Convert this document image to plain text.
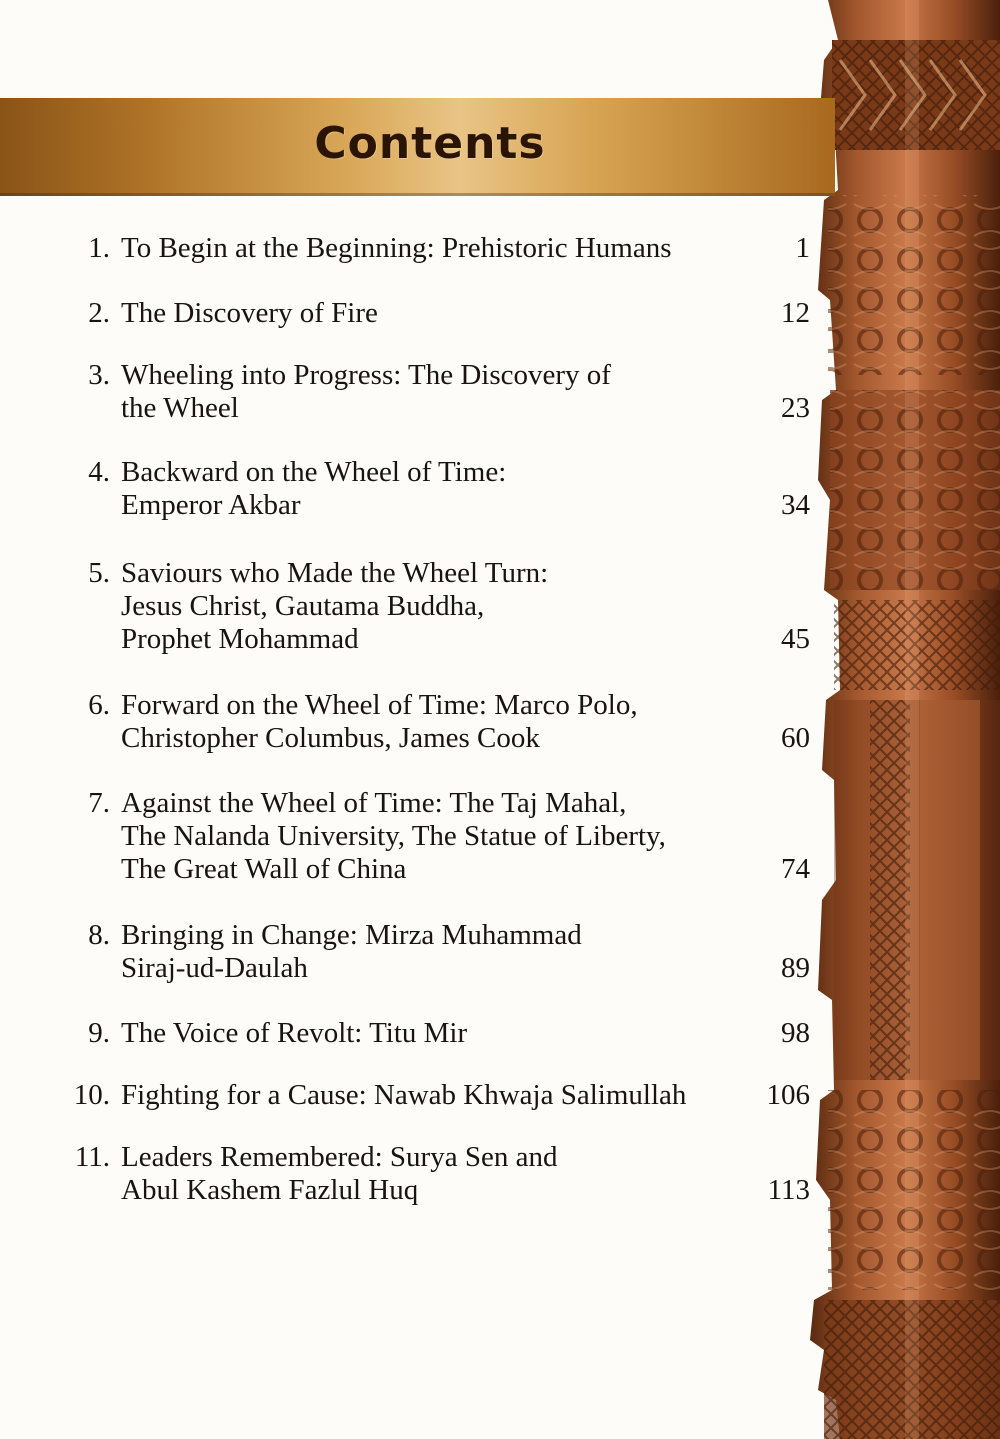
Contents
1. To Begin at the Beginning: Prehistoric Humans	1
2. The Discovery of Fire	12
3. Wheeling into Progress: The Discovery of
the Wheel	23
4. Backward on the Wheel of Time:
Emperor Akbar	34
5. Saviours who Made the Wheel Turn:
Jesus Christ, Gautama Buddha,
Prophet Mohammad	45
6. Forward on the Wheel of Time: Marco Polo,
Christopher Columbus, James Cook	60
7. Against the Wheel of Time: The Taj Mahal,
The Nalanda University, The Statue of Liberty,
The Great Wall of China	74
8. Bringing in Change: Mirza Muhammad
Siraj-ud-Daulah	89
9. The Voice of Revolt: Titu Mir	98
10. Fighting for a Cause: Nawab Khwaja Salimullah	106
11. Leaders Remembered: Surya Sen and
Abul Kashem Fazlul Huq	113
